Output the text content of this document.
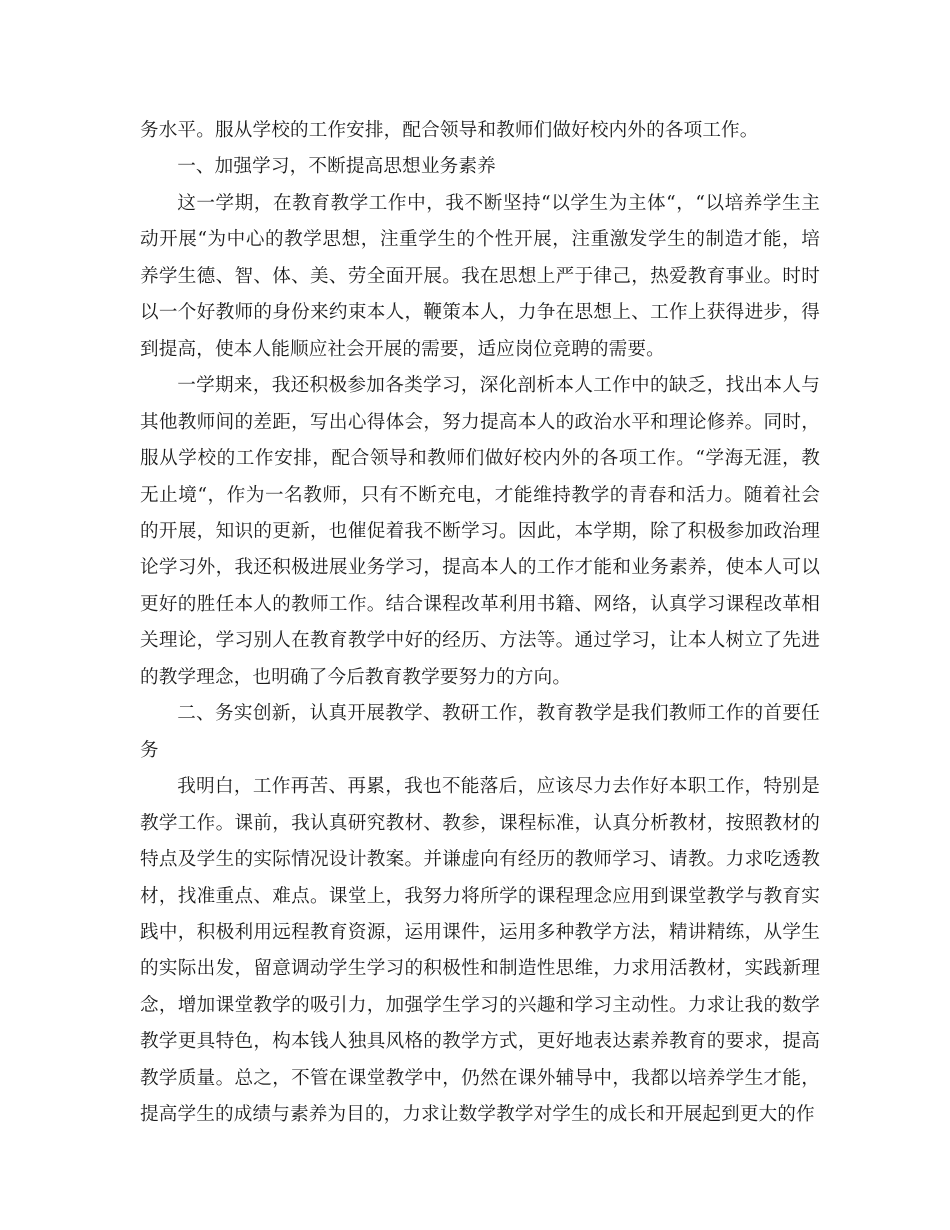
务水平。服从学校的工作安排，配合领导和教师们做好校内外的各项工作。

一、加强学习，不断提高思想业务素养

这一学期，在教育教学工作中，我不断坚持“以学生为主体“，“以培养学生主动开展“为中心的教学思想，注重学生的个性开展，注重激发学生的制造才能，培养学生德、智、体、美、劳全面开展。我在思想上严于律己，热爱教育事业。时时以一个好教师的身份来约束本人，鞭策本人，力争在思想上、工作上获得进步，得到提高，使本人能顺应社会开展的需要，适应岗位竞聘的需要。

一学期来，我还积极参加各类学习，深化剖析本人工作中的缺乏，找出本人与其他教师间的差距，写出心得体会，努力提高本人的政治水平和理论修养。同时，服从学校的工作安排，配合领导和教师们做好校内外的各项工作。“学海无涯，教无止境“，作为一名教师，只有不断充电，才能维持教学的青春和活力。随着社会的开展，知识的更新，也催促着我不断学习。因此，本学期，除了积极参加政治理论学习外，我还积极进展业务学习，提高本人的工作才能和业务素养，使本人可以更好的胜任本人的教师工作。结合课程改革利用书籍、网络，认真学习课程改革相关理论，学习别人在教育教学中好的经历、方法等。通过学习，让本人树立了先进的教学理念，也明确了今后教育教学要努力的方向。

二、务实创新，认真开展教学、教研工作，教育教学是我们教师工作的首要任务

我明白，工作再苦、再累，我也不能落后，应该尽力去作好本职工作，特别是教学工作。课前，我认真研究教材、教参，课程标准，认真分析教材，按照教材的特点及学生的实际情况设计教案。并谦虚向有经历的教师学习、请教。力求吃透教材，找准重点、难点。课堂上，我努力将所学的课程理念应用到课堂教学与教育实践中，积极利用远程教育资源，运用课件，运用多种教学方法，精讲精练，从学生的实际出发，留意调动学生学习的积极性和制造性思维，力求用活教材，实践新理念，增加课堂教学的吸引力，加强学生学习的兴趣和学习主动性。力求让我的数学教学更具特色，构本钱人独具风格的教学方式，更好地表达素养教育的要求，提高教学质量。总之，不管在课堂教学中，仍然在课外辅导中，我都以培养学生才能，提高学生的成绩与素养为目的，力求让数学教学对学生的成长和开展起到更大的作
